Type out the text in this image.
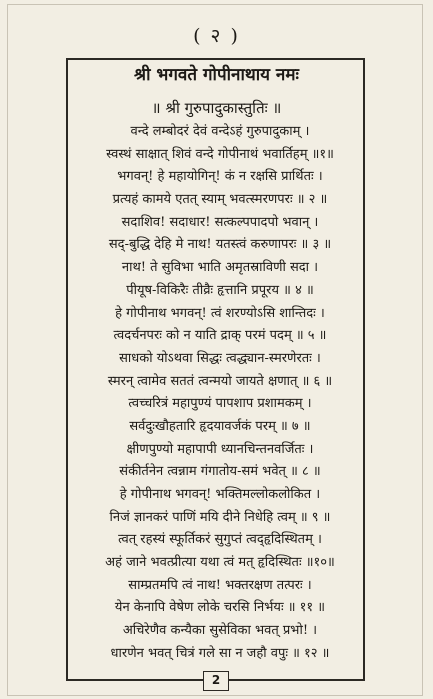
( २ )
श्री भगवते गोपीनाथाय नमः
॥ श्री गुरुपादुकास्तुतिः ॥
वन्दे लम्बोदरं देवं वन्देऽहं गुरुपादुकाम् ।
स्वस्थं साक्षात् शिवं वन्दे गोपीनाथं भवार्तिहम् ॥१॥
भगवन्! हे महायोगिन्! कं न रक्षसि प्रार्थितः ।
प्रत्यहं कामये एतत् स्याम् भवत्स्मरणपरः ॥ २ ॥
सदाशिव! सदाधार! सत्कल्पपादपो भवान् ।
सद्-बुद्धि देहि मे नाथ! यतस्त्वं करुणापरः ॥ ३ ॥
नाथ! ते सुविभा भाति अमृतस्राविणी सदा ।
पीयूष-विकिरैः तीव्रैः हृत्तानि प्रपूरय ॥ ४ ॥
हे गोपीनाथ भगवन्! त्वं शरण्योऽसि शान्तिदः ।
त्वदर्चनपरः को न याति द्राक् परमं पदम् ॥ ५ ॥
साधको योऽथवा सिद्धः त्वद्ध्यान-स्मरणेरतः ।
स्मरन् त्वामेव सततं त्वन्मयो जायते क्षणात् ॥ ६ ॥
त्वच्चरित्रं महापुण्यं पापशाप प्रशामकम् ।
सर्वदुःखौहतारि हृदयावर्जकं परम् ॥ ७ ॥
क्षीणपुण्यो महापापी ध्यानचिन्तनवर्जितः ।
संकीर्तनेन त्वन्नाम गंगातोय-समं भवेत् ॥ ८ ॥
हे गोपीनाथ भगवन्! भक्तिमल्लोकलोकित ।
निजं ज्ञानकरं पाणिं मयि दीने निधेहि त्वम् ॥ ९ ॥
त्वत् रहस्यं स्फूर्तिकरं सुगुप्तं त्वद्हृदिस्थितम् ।
अहं जाने भवत्प्रीत्या यथा त्वं मत् हृदिस्थितः ॥१०॥
साम्प्रतमपि त्वं नाथ! भक्तरक्षण तत्परः ।
येन केनापि वेषेण लोके चरसि निर्भयः ॥ ११ ॥
अचिरेणैव कन्यैका सुसेविका भवत् प्रभो! ।
धारणेन भवत् चित्रं गले सा न जहौ वपुः ॥ १२ ॥
2
